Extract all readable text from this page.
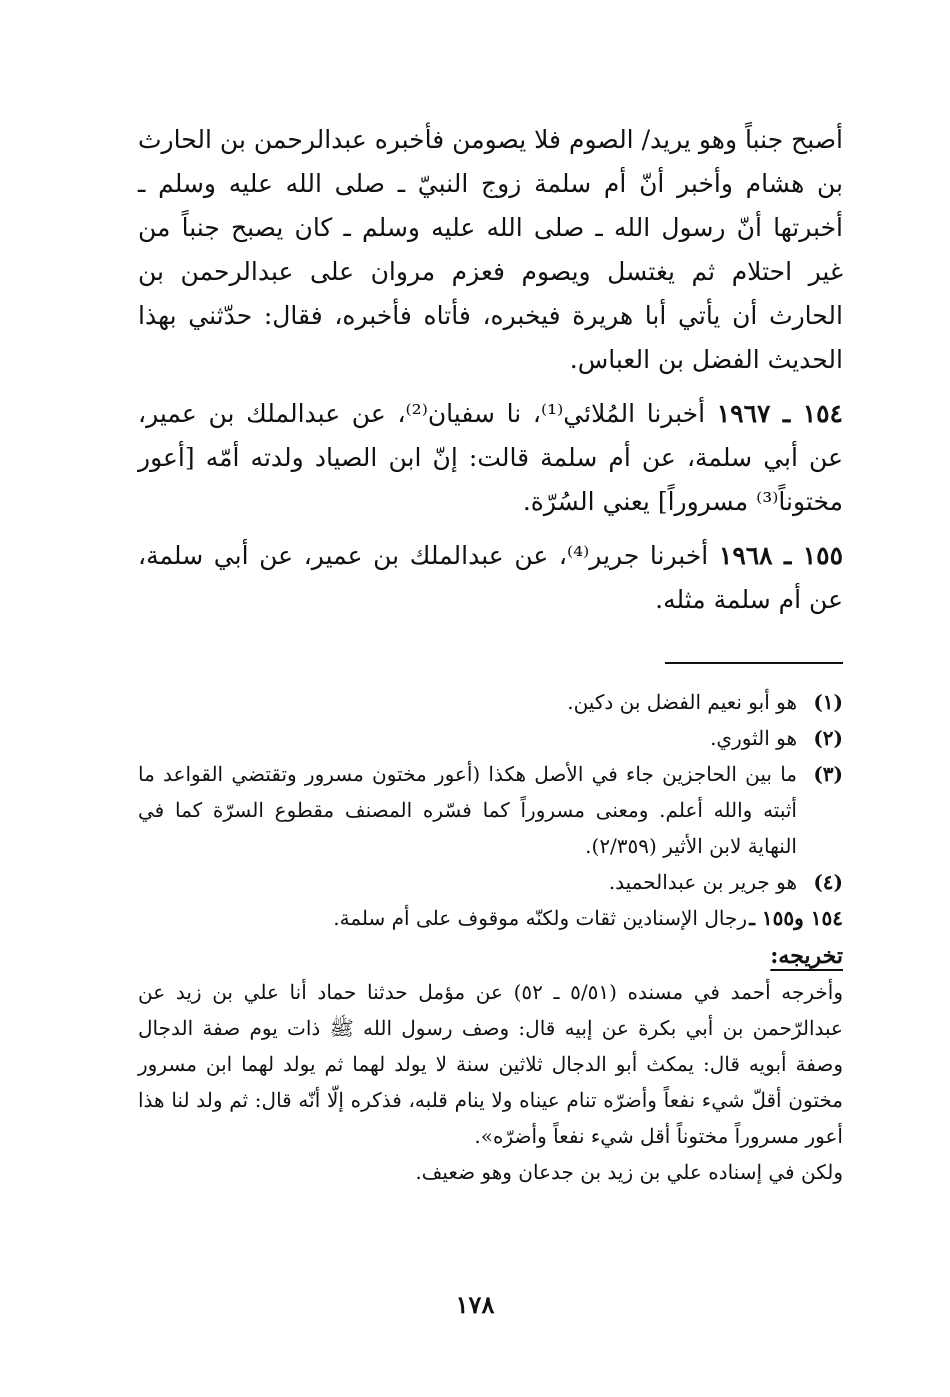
أصبح جنباً وهو يريد/ الصوم فلا يصومن فأخبره عبدالرحمن بن الحارث بن هشام وأخبر أنّ أم سلمة زوج النبيّ ـ صلى الله عليه وسلم ـ أخبرتها أنّ رسول الله ـ صلى الله عليه وسلم ـ كان يصبح جنباً من غير احتلام ثم يغتسل ويصوم فعزم مروان على عبدالرحمن بن الحارث أن يأتي أبا هريرة فيخبره، فأتاه فأخبره، فقال: حدّثني بهذا الحديث الفضل بن العباس.

١٥٤ ـ ١٩٦٧ أخبرنا المُلائي⁽¹⁾، نا سفيان⁽²⁾، عن عبدالملك بن عمير، عن أبي سلمة، عن أم سلمة قالت: إنّ ابن الصياد ولدته أمّه [أعور مختوناً⁽³⁾ مسروراً] يعني السُرّة.

١٥٥ ـ ١٩٦٨ أخبرنا جرير⁽⁴⁾، عن عبدالملك بن عمير، عن أبي سلمة، عن أم سلمة مثله.

(١)
هو أبو نعيم الفضل بن دكين.
(٢)
هو الثوري.
(٣)
ما بين الحاجزين جاء في الأصل هكذا (أعور مختون مسرور وتقتضي القواعد ما أثبته والله أعلم. ومعنى مسروراً كما فسّره المصنف مقطوع السرّة كما في النهاية لابن الأثير (٢/٣٥٩).
(٤)
هو جرير بن عبدالحميد.
١٥٤ و١٥٥ ـ
رجال الإسنادين ثقات ولكنّه موقوف على أم سلمة.
تخريجه:

وأخرجه أحمد في مسنده (٥/٥١ ـ ٥٢) عن مؤمل حدثنا حماد أنا علي بن زيد عن عبدالرّحمن بن أبي بكرة عن إبيه قال: وصف رسول الله ﷺ ذات يوم صفة الدجال وصفة أبويه قال: يمكث أبو الدجال ثلاثين سنة لا يولد لهما ثم يولد لهما ابن مسرور مختون أقلّ شيء نفعاً وأضرّه تنام عيناه ولا ينام قلبه، فذكره إلّا أنّه قال: ثم ولد لنا هذا أعور مسروراً مختوناً أقل شيء نفعاً وأضرّه».

ولكن في إسناده علي بن زيد بن جدعان وهو ضعيف.

١٧٨
